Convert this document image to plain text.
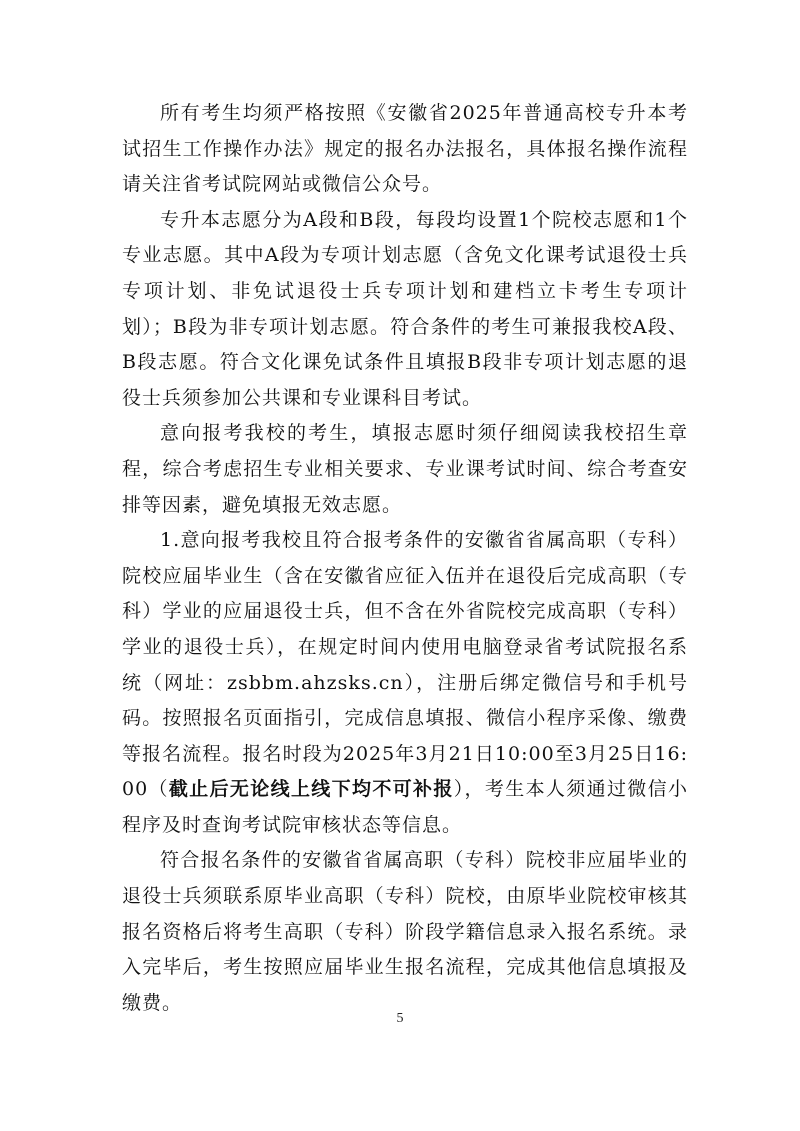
所有考生均须严格按照《安徽省2025年普通高校专升本考试招生工作操作办法》规定的报名办法报名，具体报名操作流程请关注省考试院网站或微信公众号。

专升本志愿分为A段和B段，每段均设置1个院校志愿和1个专业志愿。其中A段为专项计划志愿（含免文化课考试退役士兵专项计划、非免试退役士兵专项计划和建档立卡考生专项计划）；B段为非专项计划志愿。符合条件的考生可兼报我校A段、B段志愿。符合文化课免试条件且填报B段非专项计划志愿的退役士兵须参加公共课和专业课科目考试。

意向报考我校的考生，填报志愿时须仔细阅读我校招生章程，综合考虑招生专业相关要求、专业课考试时间、综合考查安排等因素，避免填报无效志愿。

1.意向报考我校且符合报考条件的安徽省省属高职（专科）院校应届毕业生（含在安徽省应征入伍并在退役后完成高职（专科）学业的应届退役士兵，但不含在外省院校完成高职（专科）学业的退役士兵），在规定时间内使用电脑登录省考试院报名系统（网址：zsbbm.ahzsks.cn），注册后绑定微信号和手机号码。按照报名页面指引，完成信息填报、微信小程序采像、缴费等报名流程。报名时段为2025年3月21日10:00至3月25日16:00（截止后无论线上线下均不可补报），考生本人须通过微信小程序及时查询考试院审核状态等信息。

符合报名条件的安徽省省属高职（专科）院校非应届毕业的退役士兵须联系原毕业高职（专科）院校，由原毕业院校审核其报名资格后将考生高职（专科）阶段学籍信息录入报名系统。录入完毕后，考生按照应届毕业生报名流程，完成其他信息填报及缴费。

5
